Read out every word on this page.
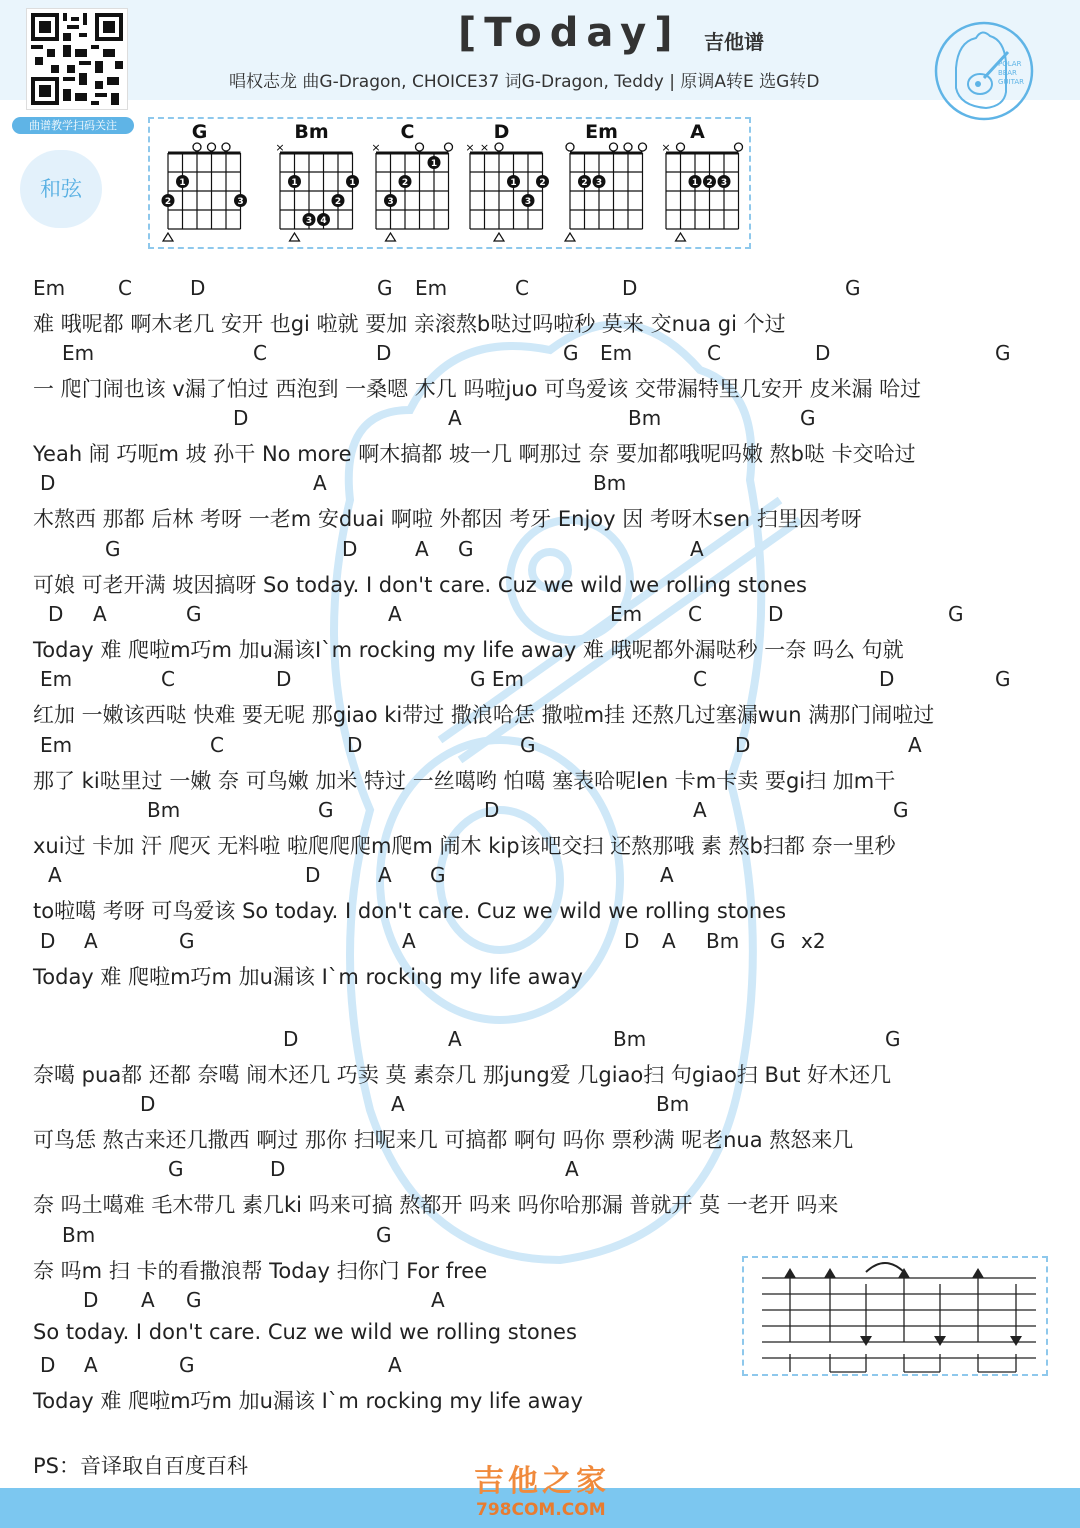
曲谱教学扫码关注
[Today] 吉他谱
唱权志龙 曲G-Dragon, CHOICE37 词G-Dragon, Teddy | 原调A转E 选G转D
POLAR
BEAR
GUITAR
和弦
2
1
3
G
×
1	1
2
3 4
Bm
×
3
2
1
C
× ×
1	2
3
D
2 3
Em
×
1 2 3
A
Em	C	D	G Em	C	D	G
难 哦呢都 啊木老几 安开 也gi 啦就 要加 亲滚熬b哒过吗啦秒 莫来 交nua gi 个过
Em	C	D	G Em	C	D	G
一 爬门闹也该 v漏了怕过 西泡到 一桑嗯 木几 吗啦juo 可鸟爱该 交带漏特里几安开 皮米漏 哈过
D	A	Bm	G
Yeah 闹 巧呃m 坡 孙干 No more 啊木搞都 坡一几 啊那过 奈 要加都哦呢吗嫩 熬b哒 卡交哈过
D	A	Bm
木熬西 那都 后林 考呀 一老m 安duai 啊啦 外都因 考牙 Enjoy 因 考呀木sen 扫里因考呀
G	D	A G	A
可娘 可老开满 坡因搞呀 So today. I don't care. Cuz we wild we rolling stones
D A	G	A	Em C	D	G
Today 难 爬啦m巧m 加u漏该I`m rocking my life away 难 哦呢都外漏哒秒 一奈 吗么 句就
Em	C	D	G Em	C	D	G
红加 一嫩该西哒 快难 要无呢 那giao ki带过 撒浪哈恁 撒啦m挂 还熬几过塞漏wun 满那门闹啦过
Em	C	D	G	D	A
那了 ki哒里过 一嫩 奈 可鸟嫩 加米 特过 一丝噶哟 怕噶 塞表哈呢len 卡m卡卖 要gi扫 加m干
Bm	G	D	A	G
xui过 卡加 汗 爬灭 无料啦 啦爬爬爬m爬m 闹木 kip该吧交扫 还熬那哦 素 熬b扫都 奈一里秒
A	D	A G	A
to啦噶 考呀 可鸟爱该 So today. I don't care. Cuz we wild we rolling stones
D A	G	A	D A Bm G x2
Today 难 爬啦m巧m 加u漏该 I`m rocking my life away
D	A	Bm	G
奈噶 pua都 还都 奈噶 闹木还几 巧卖 莫 素奈几 那jung爱 几giao扫 句giao扫 But 好木还几
D	A	Bm
可鸟恁 熬古来还几撒西 啊过 那你 扫呢来几 可搞都 啊句 吗你 票秒满 呢老nua 熬怒来几
G	D	A
奈 吗土噶难 毛木带几 素几ki 吗来可搞 熬都开 吗来 吗你哈那漏 普就开 莫 一老开 吗来
Bm	G
奈 吗m 扫 卡的看撒浪帮 Today 扫你门 For free
D A G	A
So today. I don't care. Cuz we wild we rolling stones
D A	G	A
Today 难 爬啦m巧m 加u漏该 I`m rocking my life away
PS：音译取自百度百科	吉他之家
798COM.COM
